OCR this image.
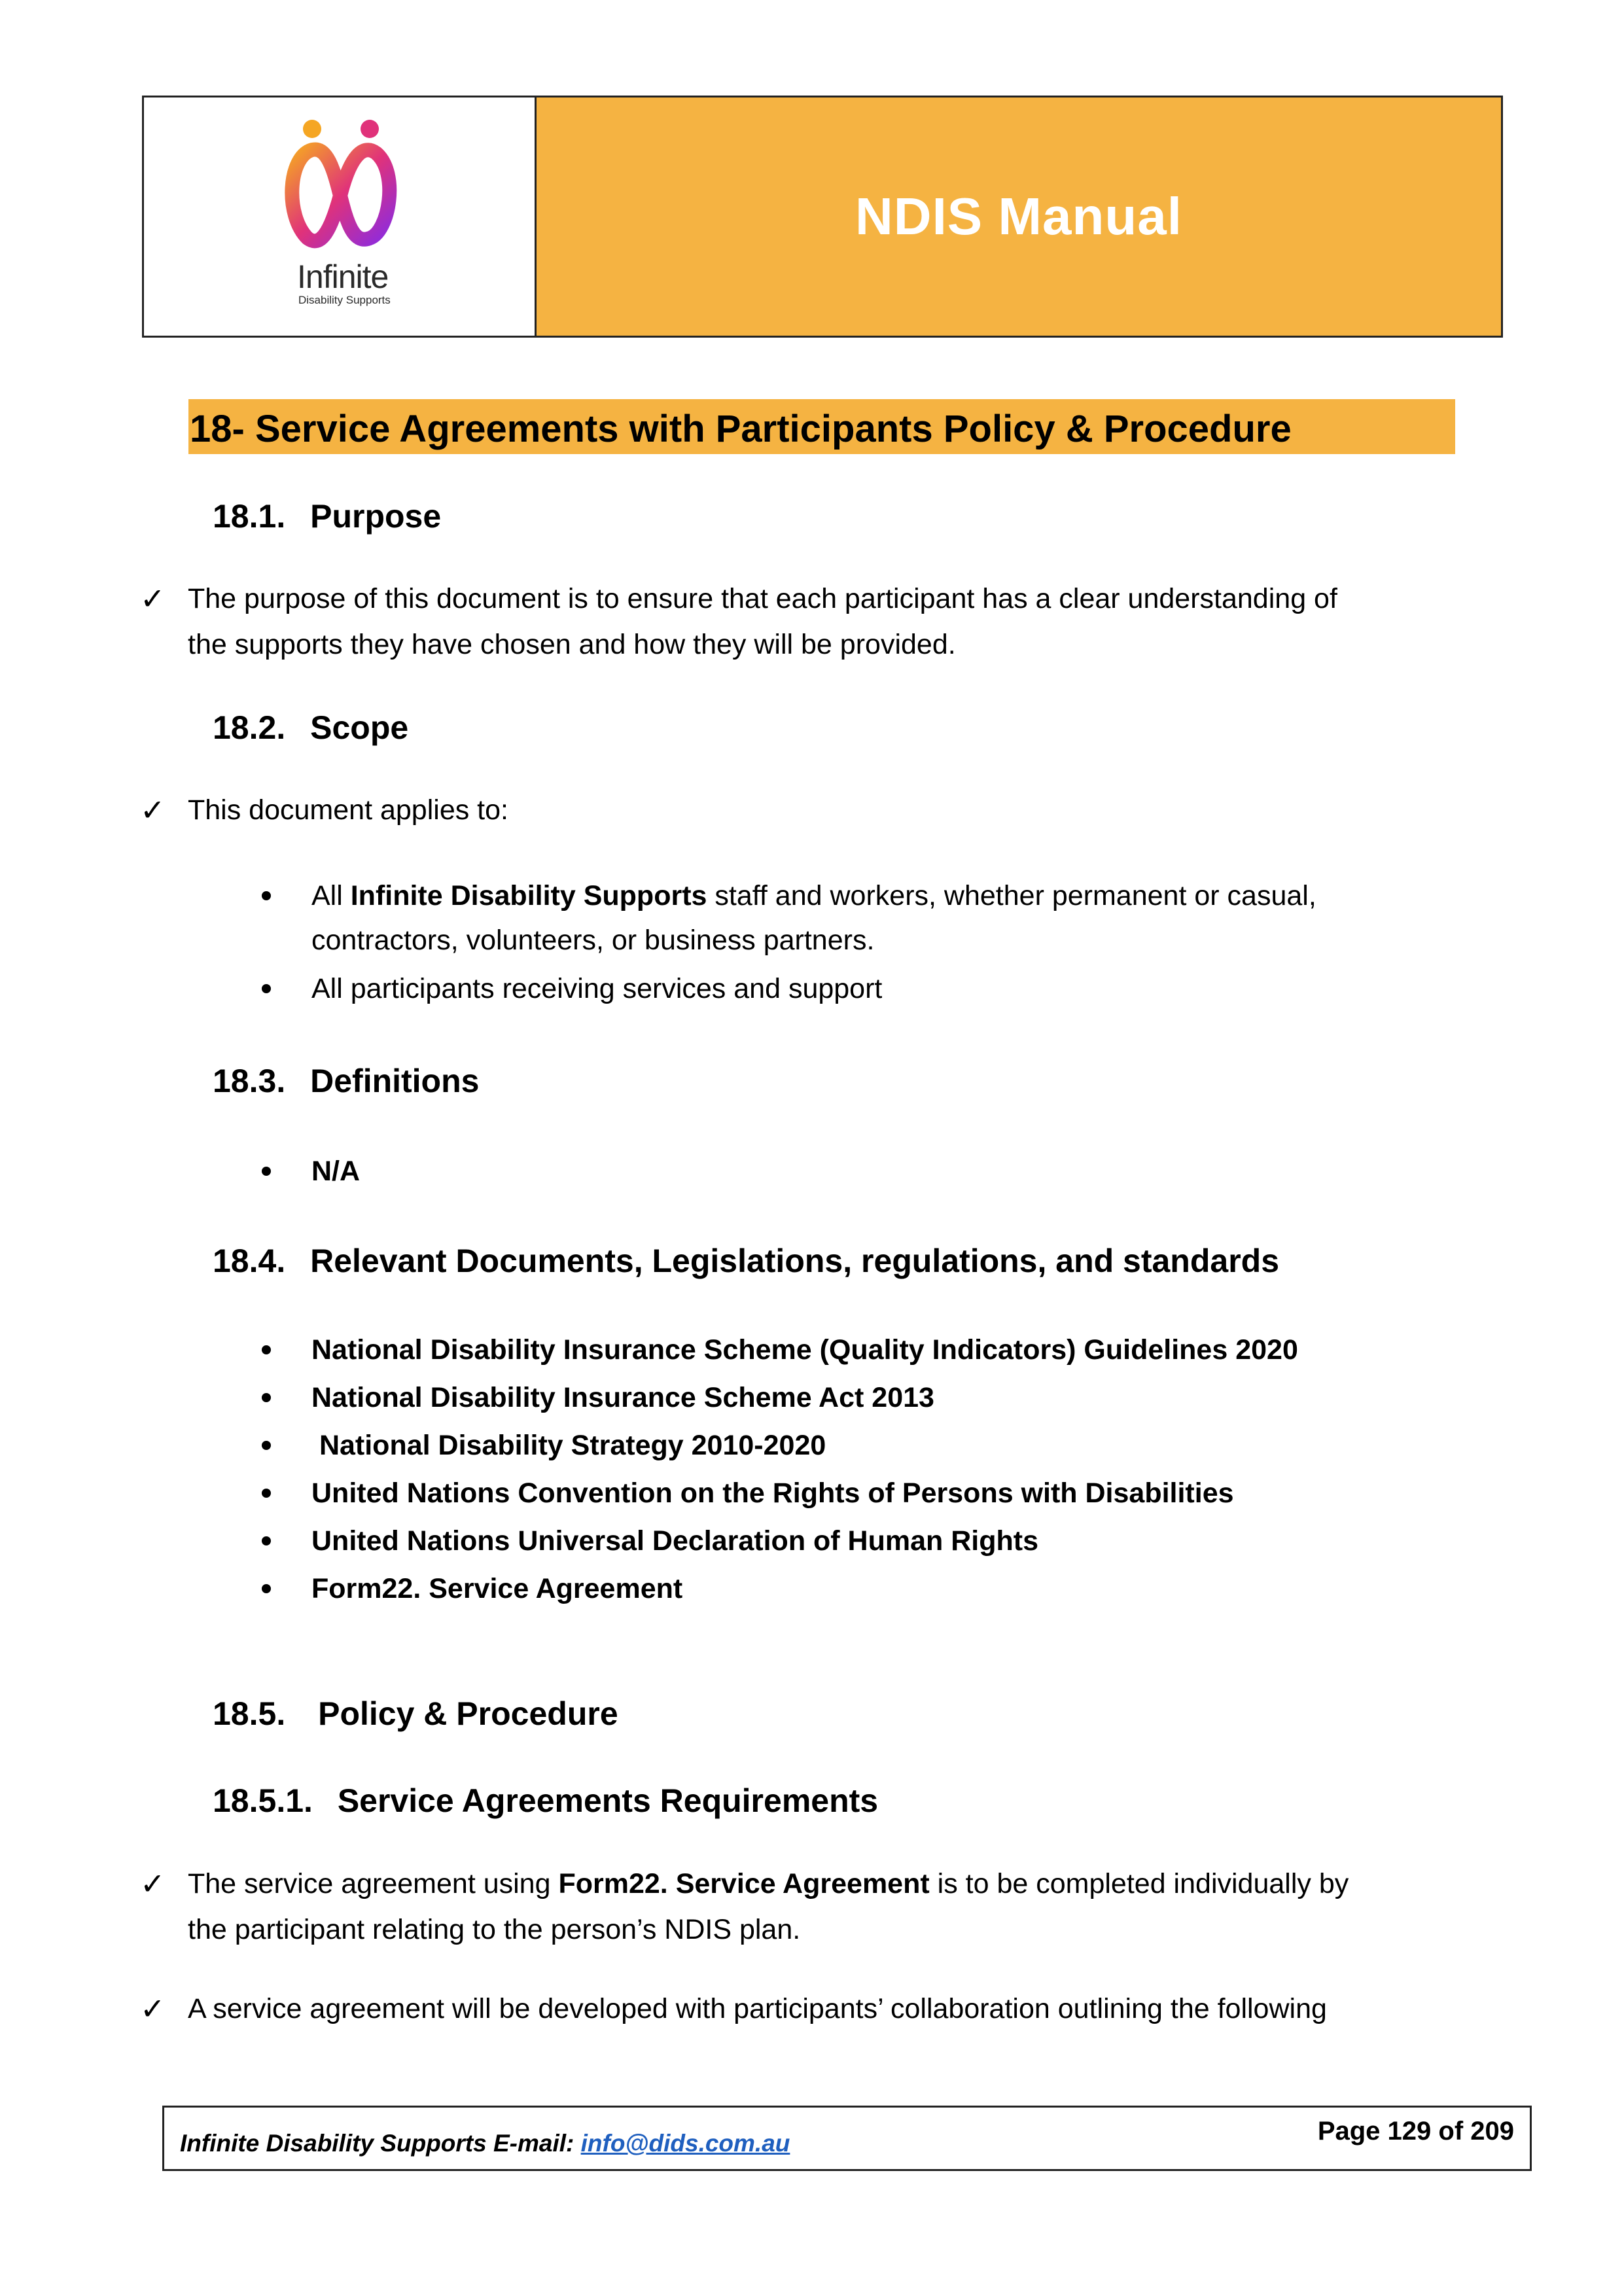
Infinite
Disability Supports
NDIS Manual
18- Service Agreements with Participants Policy & Procedure
18.1. Purpose
✓ The purpose of this document is to ensure that each participant has a clear understanding of
the supports they have chosen and how they will be provided.
18.2. Scope
✓ This document applies to:
All Infinite Disability Supports staff and workers, whether permanent or casual,
contractors, volunteers, or business partners.
All participants receiving services and support
18.3. Definitions
N/A
18.4. Relevant Documents, Legislations, regulations, and standards
National Disability Insurance Scheme (Quality Indicators) Guidelines 2020
National Disability Insurance Scheme Act 2013
National Disability Strategy 2010-2020
United Nations Convention on the Rights of Persons with Disabilities
United Nations Universal Declaration of Human Rights
Form22. Service Agreement
18.5. Policy & Procedure
18.5.1. Service Agreements Requirements
✓ The service agreement using Form22. Service Agreement is to be completed individually by
the participant relating to the person’s NDIS plan.
✓ A service agreement will be developed with participants’ collaboration outlining the following
Infinite Disability Supports E-mail: info@dids.com.au	Page 129 of 209
